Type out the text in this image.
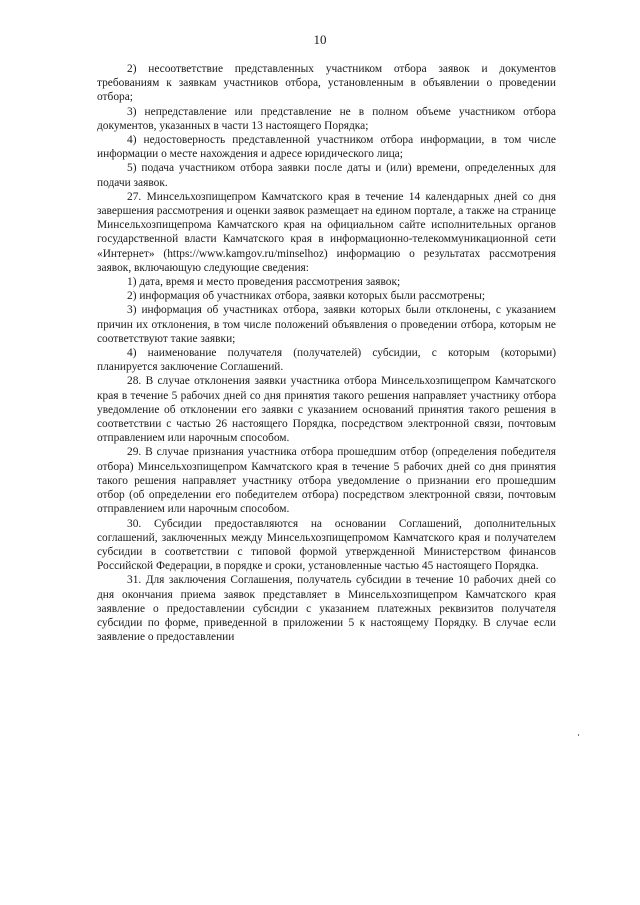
10

2) несоответствие представленных участником отбора заявок и документов требованиям к заявкам участников отбора, установленным в объявлении о проведении отбора;

3) непредставление или представление не в полном объеме участником отбора документов, указанных в части 13 настоящего Порядка;

4) недостоверность представленной участником отбора информации, в том числе информации о месте нахождения и адресе юридического лица;

5) подача участником отбора заявки после даты и (или) времени, определенных для подачи заявок.

27. Минсельхозпищепром Камчатского края в течение 14 календарных дней со дня завершения рассмотрения и оценки заявок размещает на едином портале, а также на странице Минсельхозпищепрома Камчатского края на официальном сайте исполнительных органов государственной власти Камчатского края в информационно-телекоммуникационной сети «Интернет» (https://www.kamgov.ru/minselhoz) информацию о результатах рассмотрения заявок, включающую следующие сведения:

1) дата, время и место проведения рассмотрения заявок;

2) информация об участниках отбора, заявки которых были рассмотрены;

3) информация об участниках отбора, заявки которых были отклонены, с указанием причин их отклонения, в том числе положений объявления о проведении отбора, которым не соответствуют такие заявки;

4) наименование получателя (получателей) субсидии, с которым (которыми) планируется заключение Соглашений.

28. В случае отклонения заявки участника отбора Минсельхозпищепром Камчатского края в течение 5 рабочих дней со дня принятия такого решения направляет участнику отбора уведомление об отклонении его заявки с указанием оснований принятия такого решения в соответствии с частью 26 настоящего Порядка, посредством электронной связи, почтовым отправлением или нарочным способом.

29. В случае признания участника отбора прошедшим отбор (определения победителя отбора) Минсельхозпищепром Камчатского края в течение 5 рабочих дней со дня принятия такого решения направляет участнику отбора уведомление о признании его прошедшим отбор (об определении его победителем отбора) посредством электронной связи, почтовым отправлением или нарочным способом.

30. Субсидии предоставляются на основании Соглашений, дополнительных соглашений, заключенных между Минсельхозпищепромом Камчатского края и получателем субсидии в соответствии с типовой формой утвержденной Министерством финансов Российской Федерации, в порядке и сроки, установленные частью 45 настоящего Порядка.

31. Для заключения Соглашения, получатель субсидии в течение 10 рабочих дней со дня окончания приема заявок представляет в Минсельхозпищепром Камчатского края заявление о предоставлении субсидии с указанием платежных реквизитов получателя субсидии по форме, приведенной в приложении 5 к настоящему Порядку. В случае если заявление о предоставлении
